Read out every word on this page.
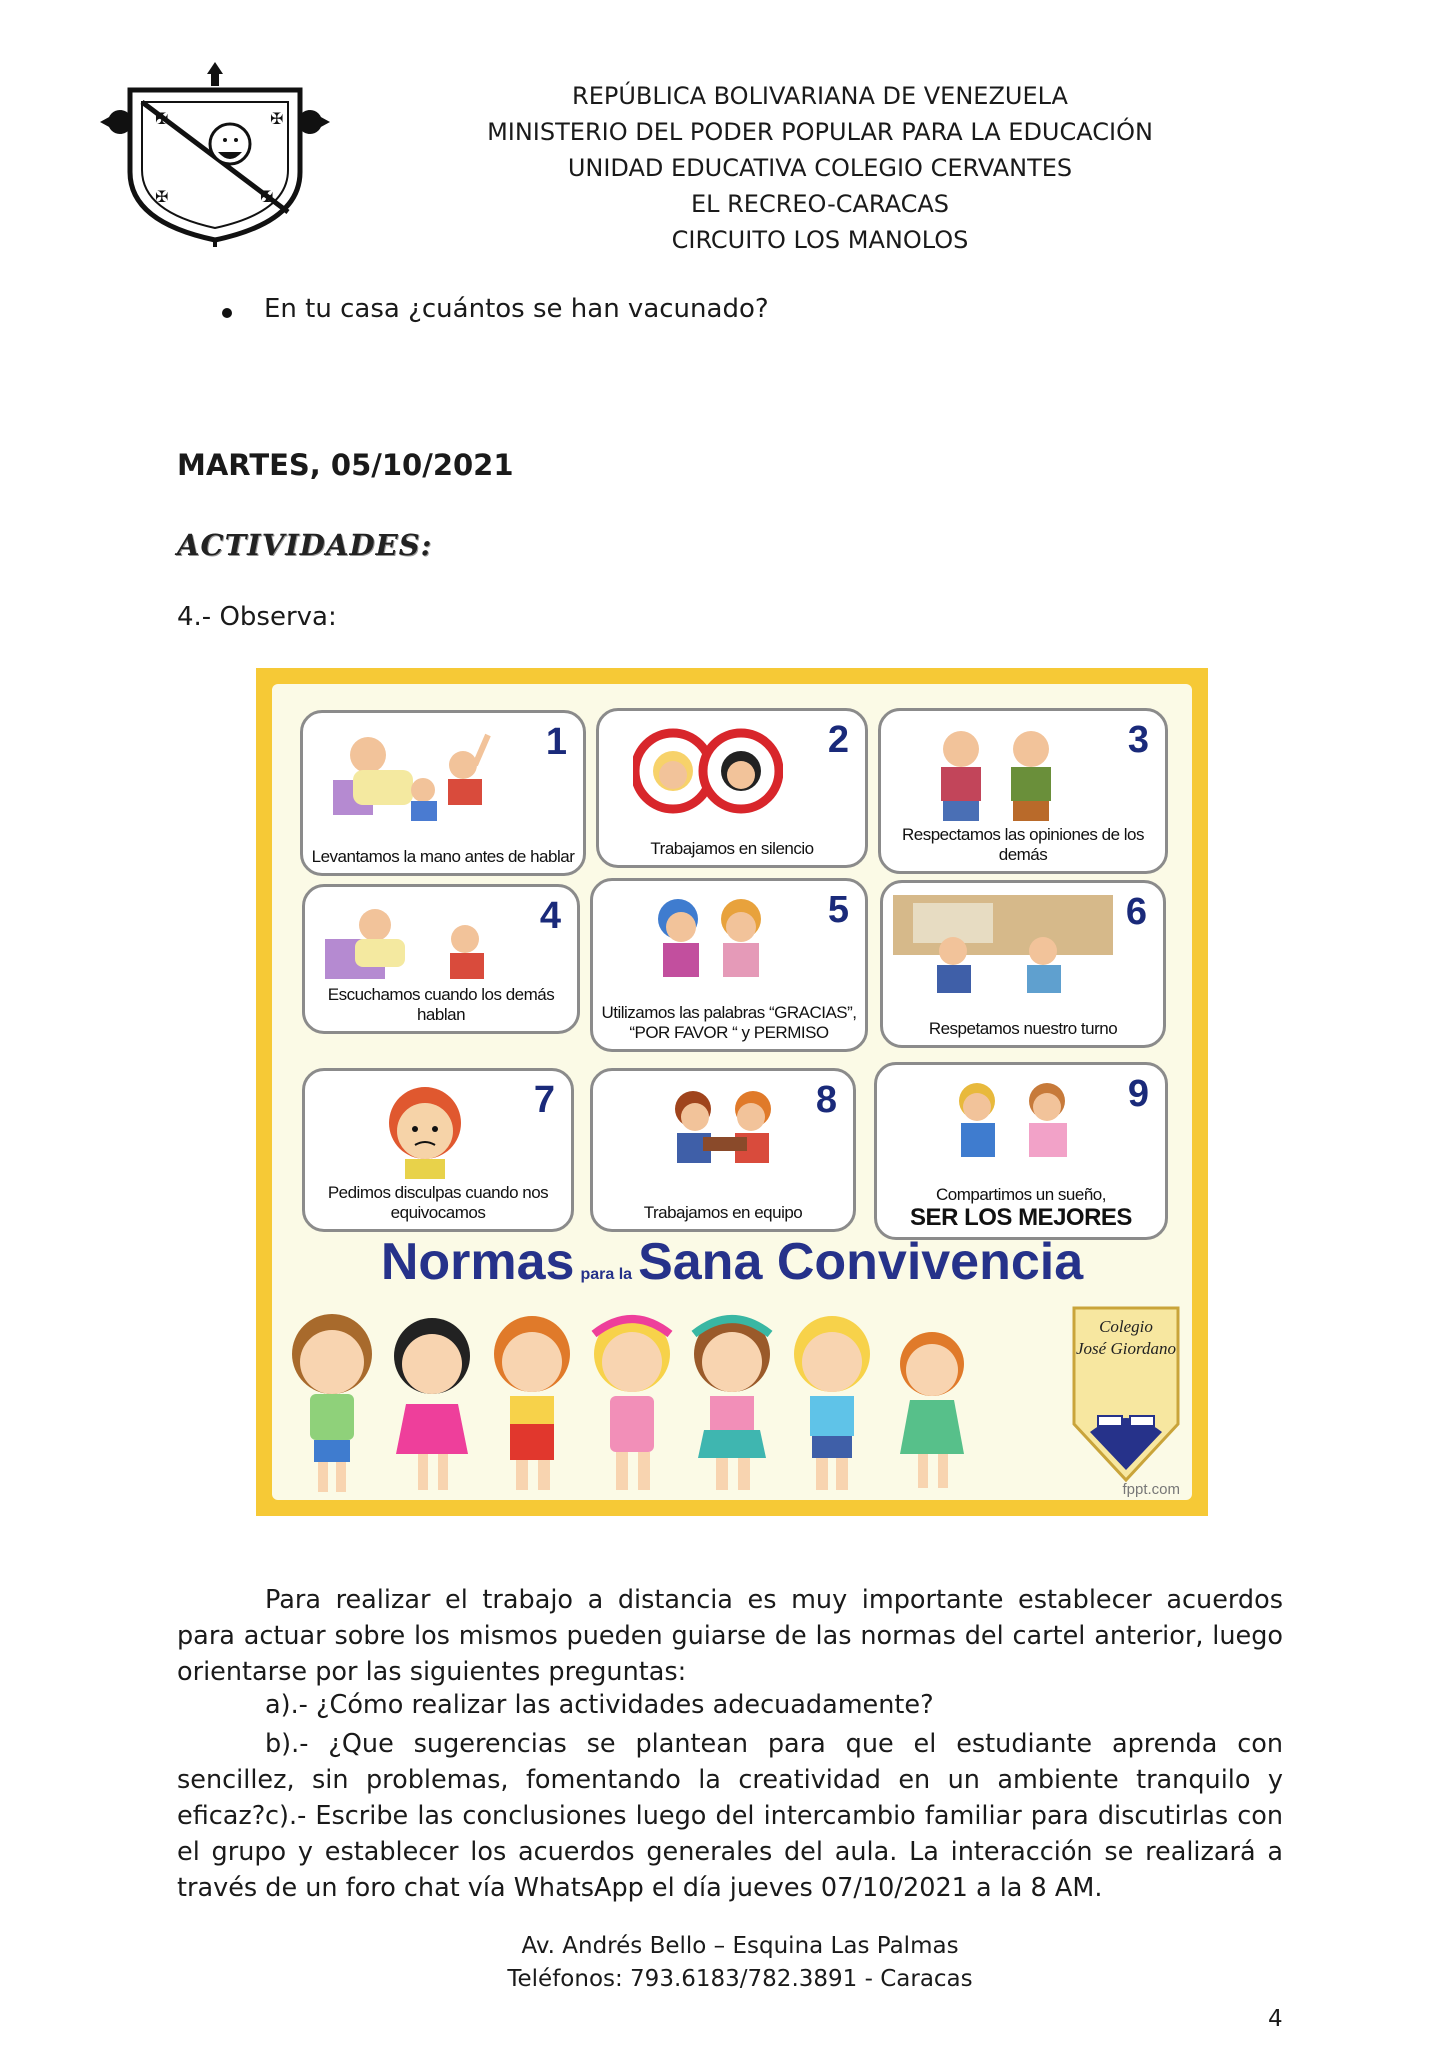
✠	✠
✠	✠
REPÚBLICA BOLIVARIANA DE VENEZUELA
MINISTERIO DEL PODER POPULAR PARA LA EDUCACIÓN
UNIDAD EDUCATIVA COLEGIO CERVANTES
EL RECREO-CARACAS
CIRCUITO LOS MANOLOS
En tu casa ¿cuántos se han vacunado?
MARTES, 05/10/2021
ACTIVIDADES:
4.- Observa:
1
Levantamos la mano antes de hablar
2
Trabajamos en silencio
3
Respectamos las opiniones de los demás
4
Escuchamos cuando los demás hablan
5
Utilizamos las palabras “GRACIAS”, “POR FAVOR “ y PERMISO
6
Respetamos nuestro turno
7
Pedimos disculpas cuando nos equivocamos
8
Trabajamos en equipo
9
Compartimos un sueño,
SER LOS MEJORES
Normas para la Sana Convivencia
Colegio
José Giordano
fppt.com
Para realizar el trabajo a distancia es muy importante establecer acuerdos para actuar sobre los mismos pueden guiarse de las normas del cartel anterior, luego orientarse por las siguientes preguntas:
a).- ¿Cómo realizar las actividades adecuadamente?
b).- ¿Que sugerencias se plantean para que el estudiante aprenda con sencillez, sin problemas, fomentando la creatividad en un ambiente tranquilo y eficaz? c).- Escribe las conclusiones luego del intercambio familiar para discutirlas con el grupo y establecer los acuerdos generales del aula. La interacción se realizará a través de un foro chat vía WhatsApp el día jueves 07/10/2021 a la 8 AM.
Av. Andrés Bello – Esquina Las Palmas
Teléfonos: 793.6183/782.3891 - Caracas
4
